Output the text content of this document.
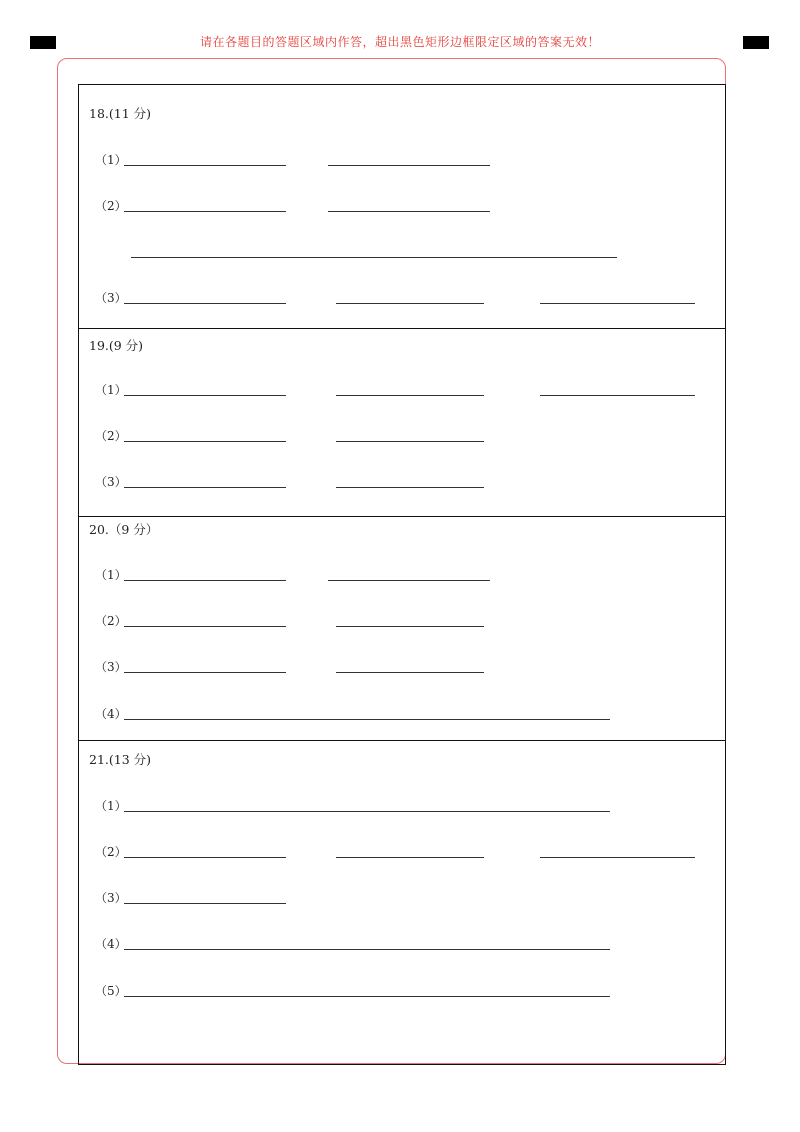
请在各题目的答题区域内作答，超出黑色矩形边框限定区域的答案无效！
18.(11 分)
（1）
（2）
（3）
19.(9 分)
（1）
（2）
（3）
20.（9 分）
（1）
（2）
（3）
（4）
21.(13 分)
（1）
（2）
（3）
（4）
（5）
